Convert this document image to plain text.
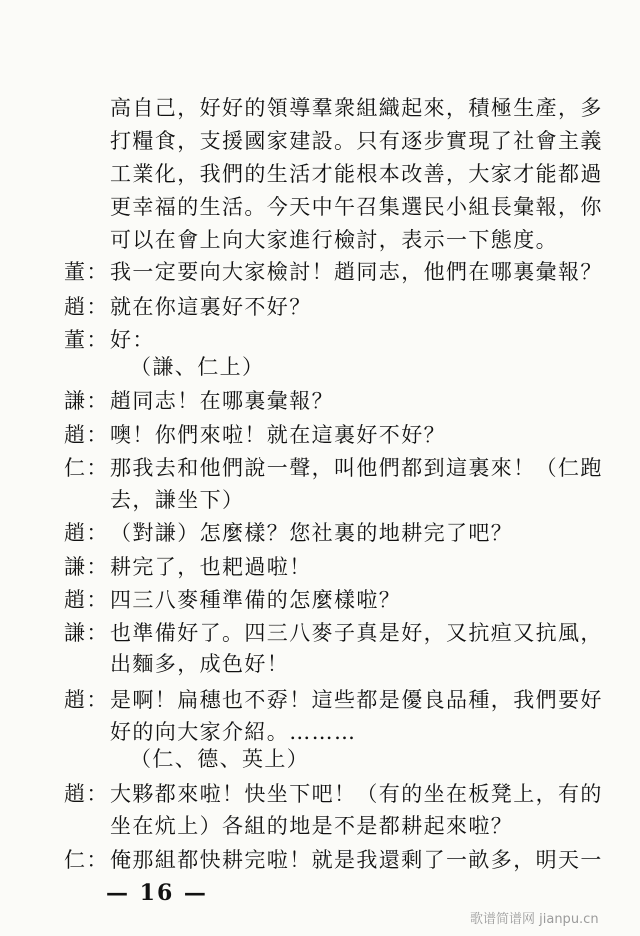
高自己，好好的領導羣衆組織起來，積極生產，多
打糧食，支援國家建設。只有逐步實現了社會主義
工業化，我們的生活才能根本改善，大家才能都過
更幸福的生活。今天中午召集選民小組長彙報，你
可以在會上向大家進行檢討，表示一下態度。
董： 我一定要向大家檢討！趙同志，他們在哪裏彙報？
趙： 就在你這裏好不好？
董： 好：
（謙、仁上）
謙： 趙同志！在哪裏彙報？
趙： 噢！你們來啦！就在這裏好不好？
仁： 那我去和他們說一聲，叫他們都到這裏來！（仁跑
去，謙坐下）
趙： （對謙）怎麼樣？您社裏的地耕完了吧？
謙： 耕完了，也耙過啦！
趙： 四三八麥種準備的怎麼樣啦？
謙： 也準備好了。四三八麥子真是好，又抗疸又抗風，
出麵多，成色好！
趙： 是啊！扁穗也不孬！這些都是優良品種，我們要好
好的向大家介紹。………
（仁、德、英上）
趙： 大夥都來啦！快坐下吧！（有的坐在板凳上，有的
坐在炕上）各組的地是不是都耕起來啦？
仁： 俺那組都快耕完啦！就是我還剩了一畝多，明天一
— 16 —
歌谱简谱网 jianpu.cn
